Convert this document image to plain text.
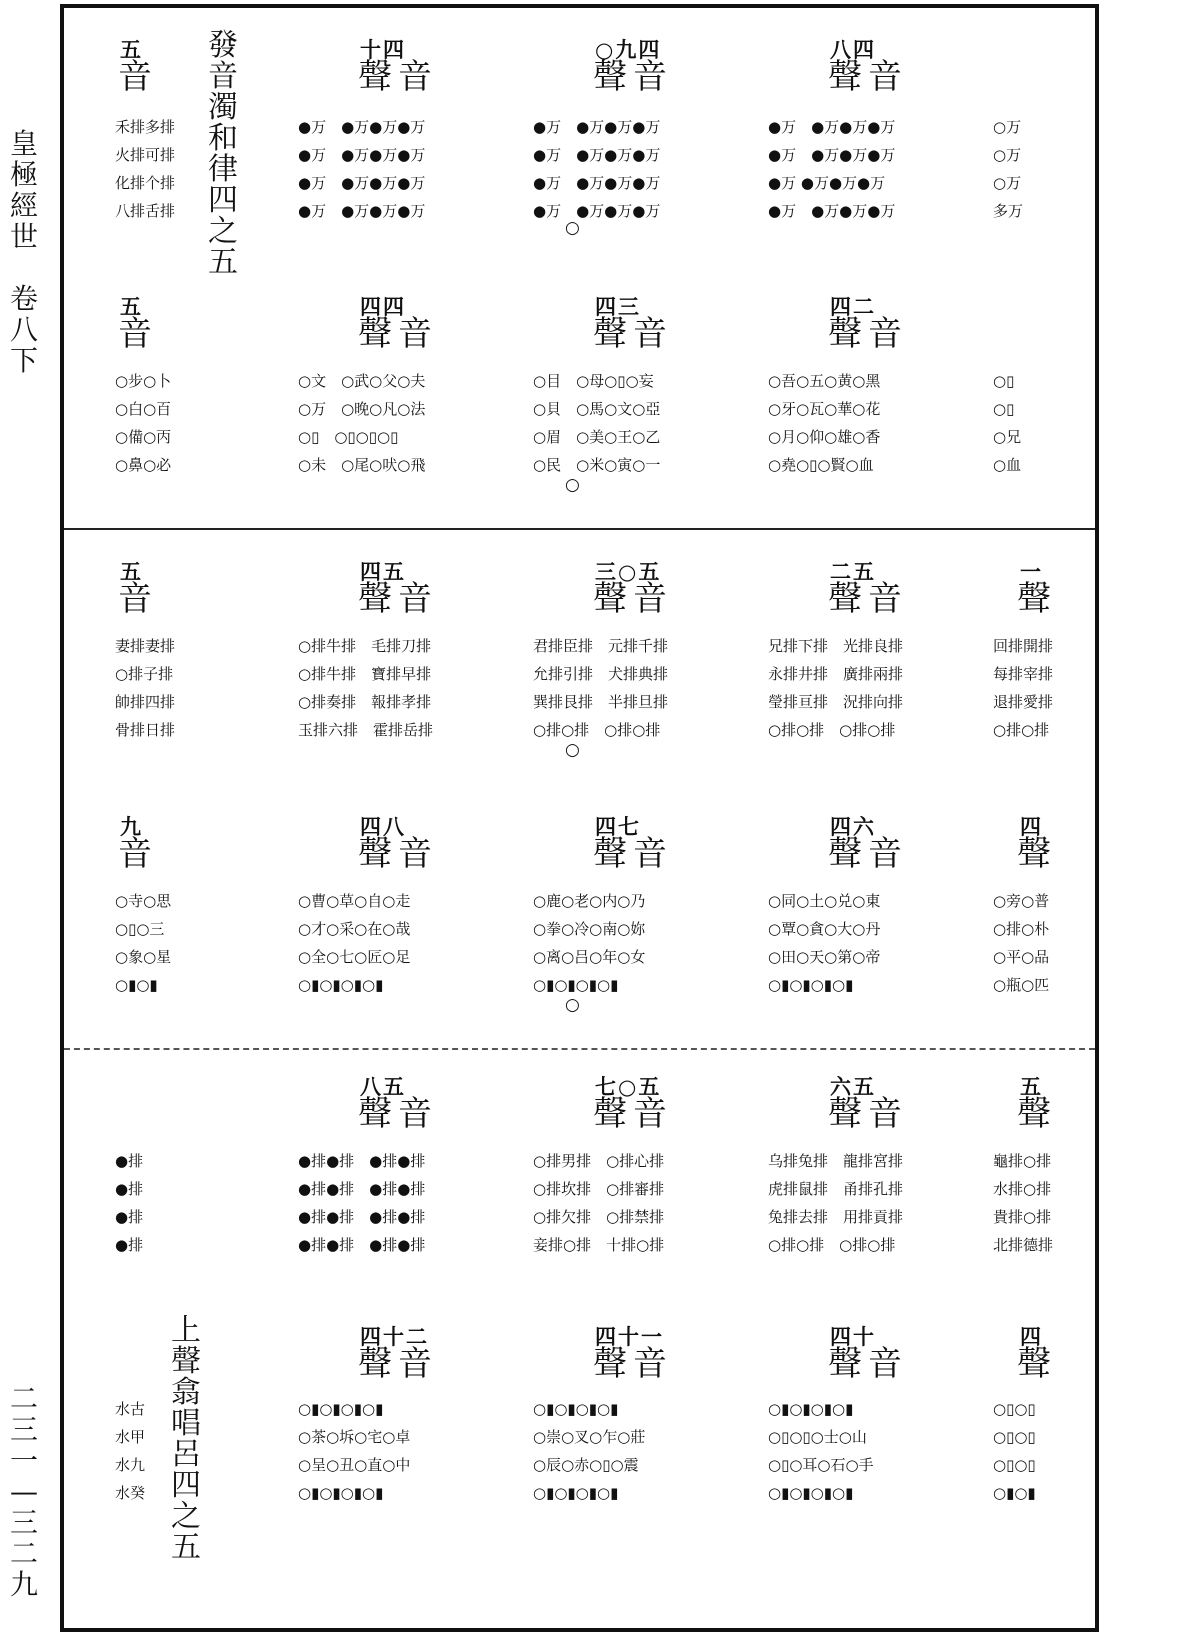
皇
極
經
世

卷
八
下
二
三
一
—
三
二
九
五
音
發
音
濁
和
律
四
之
五
禾排多排
火排可排
化排个排
八排舌排
十四
聲音
●万　●万●万●万
●万　●万●万●万
●万　●万●万●万
●万　●万●万●万
○九四
聲音
●万　●万●万●万
●万　●万●万●万
●万　●万●万●万
●万　●万●万●万
八四
聲音
●万　●万●万●万
●万　●万●万●万
●万 ●万●万●万
●万　●万●万●万
○万
○万
○万
多万
○
五
音
○步○卜
○白○百
○備○丙
○鼻○必
四四
聲音
○文　○武○父○夫
○万　○晚○凡○法
○▯　○▯○▯○▯
○未　○尾○吠○飛
四三
聲音
○目　○母○▯○妄
○貝　○馬○文○亞
○眉　○美○王○乙
○民　○米○寅○一
四二
聲音
○吾○五○黄○黑
○牙○瓦○華○花
○月○仰○雄○香
○堯○▯○賢○血
○▯
○▯
○兄
○血
○
五
音
妻排妻排
○排子排
帥排四排
骨排日排
四五
聲音
○排牛排　毛排刀排
○排牛排　寶排早排
○排奏排　報排孝排
玉排六排　霍排岳排
三○五
聲音
君排臣排　元排千排
允排引排　犬排典排
巽排艮排　半排旦排
○排○排　○排○排
二五
聲音
兄排下排　光排良排
永排井排　廣排兩排
瑩排亘排　況排向排
○排○排　○排○排
一
聲
回排開排
每排宰排
退排愛排
○排○排
○
九
音
○寺○思
○▯○三
○象○星
○▮○▮
四八
聲音
○曹○草○自○走
○才○采○在○哉
○全○七○匠○足
○▮○▮○▮○▮
四七
聲音
○鹿○老○内○乃
○拳○冷○南○妳
○离○吕○年○女
○▮○▮○▮○▮
四六
聲音
○同○土○兑○東
○覃○貪○大○丹
○田○天○第○帝
○▮○▮○▮○▮
四
聲
○旁○普
○排○朴
○平○品
○瓶○匹
○
●排
●排
●排
●排
八五
聲音
●排●排　●排●排
●排●排　●排●排
●排●排　●排●排
●排●排　●排●排
七○五
聲音
○排男排　○排心排
○排坎排　○排審排
○排欠排　○排禁排
妾排○排　十排○排
六五
聲音
乌排兔排　龍排宮排
虎排鼠排　甬排孔排
兔排去排　用排貢排
○排○排　○排○排
五
聲
龜排○排
水排○排
貴排○排
北排德排
上
聲
翕
唱
呂
四
之
五
水古
水甲
水九
水癸
四十二
聲音
○▮○▮○▮○▮
○茶○坼○宅○卓
○呈○丑○直○中
○▮○▮○▮○▮
四十一
聲音
○▮○▮○▮○▮
○崇○叉○乍○莊
○辰○赤○▯○震
○▮○▮○▮○▮
四十
聲音
○▮○▮○▮○▮
○▯○▯○士○山
○▯○耳○石○手
○▮○▮○▮○▮
四
聲
○▯○▯
○▯○▯
○▯○▯
○▮○▮
